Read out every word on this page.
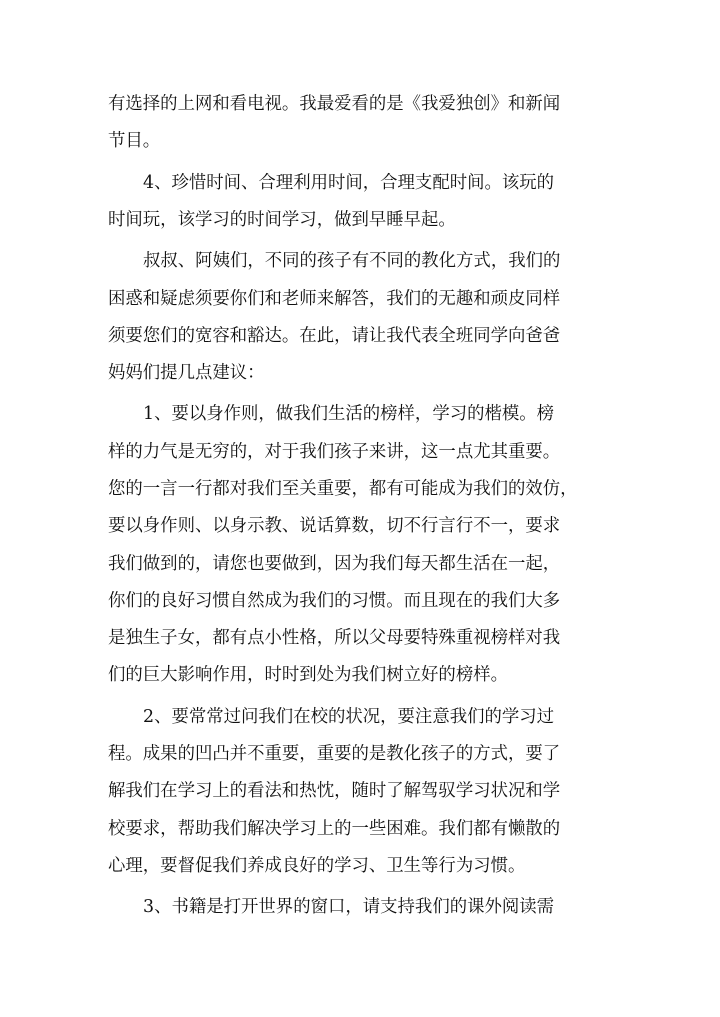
有选择的上网和看电视。我最爱看的是《我爱独创》和新闻
节目。
4、珍惜时间、合理利用时间，合理支配时间。该玩的
时间玩，该学习的时间学习，做到早睡早起。
叔叔、阿姨们，不同的孩子有不同的教化方式，我们的
困惑和疑虑须要你们和老师来解答，我们的无趣和顽皮同样
须要您们的宽容和豁达。在此，请让我代表全班同学向爸爸
妈妈们提几点建议：
1、要以身作则，做我们生活的榜样，学习的楷模。榜
样的力气是无穷的，对于我们孩子来讲，这一点尤其重要。
您的一言一行都对我们至关重要，都有可能成为我们的效仿，
要以身作则、以身示教、说话算数，切不行言行不一，要求
我们做到的，请您也要做到，因为我们每天都生活在一起，
你们的良好习惯自然成为我们的习惯。而且现在的我们大多
是独生子女，都有点小性格，所以父母要特殊重视榜样对我
们的巨大影响作用，时时到处为我们树立好的榜样。
2、要常常过问我们在校的状况，要注意我们的学习过
程。成果的凹凸并不重要，重要的是教化孩子的方式，要了
解我们在学习上的看法和热忱，随时了解驾驭学习状况和学
校要求，帮助我们解决学习上的一些困难。我们都有懒散的
心理，要督促我们养成良好的学习、卫生等行为习惯。
3、书籍是打开世界的窗口，请支持我们的课外阅读需
